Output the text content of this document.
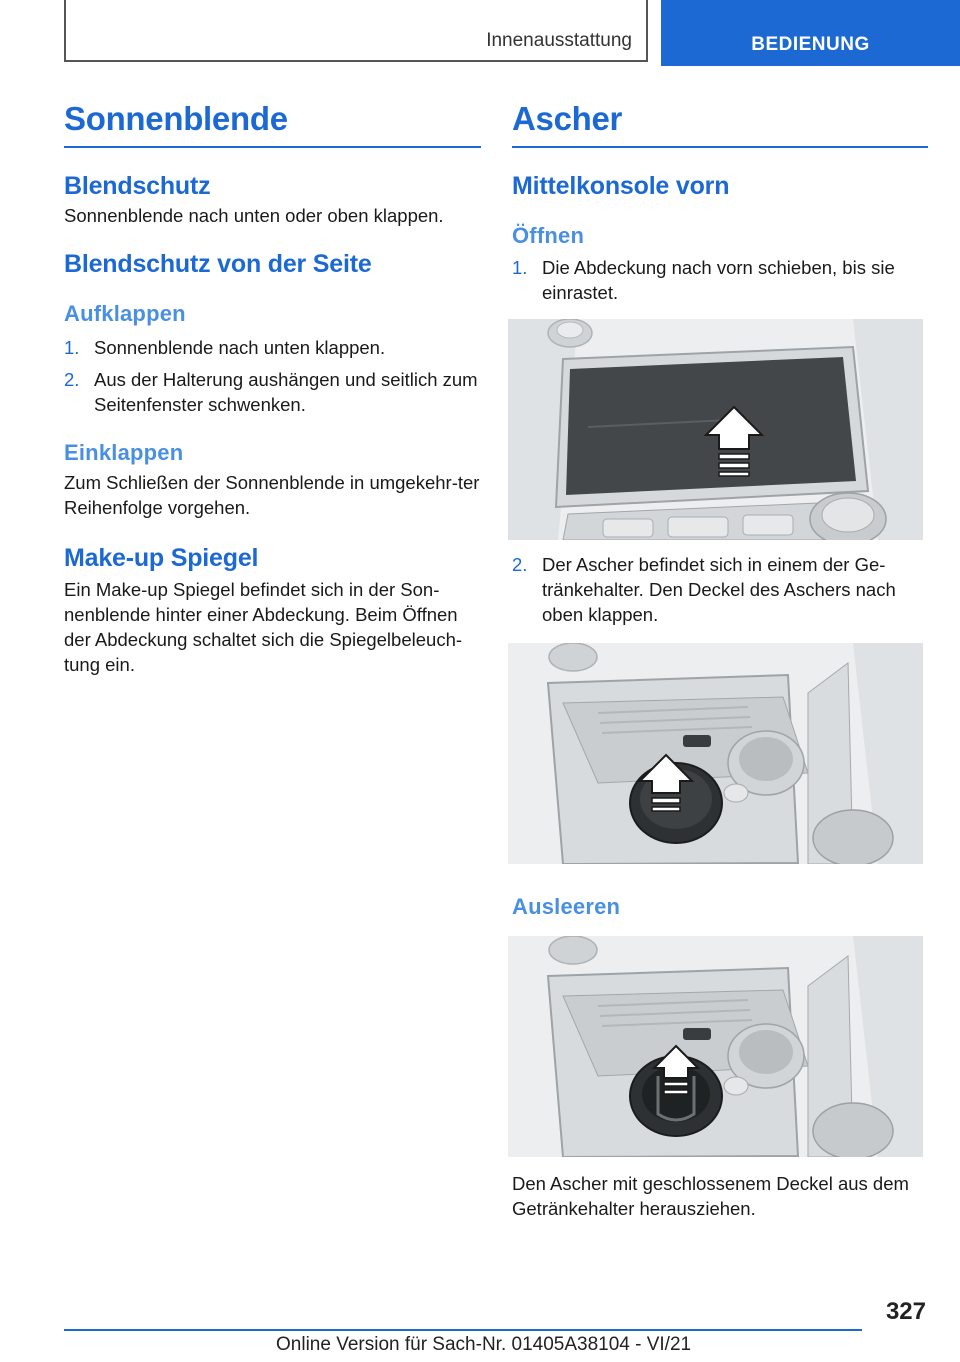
Innenausstattung	BEDIENUNG
Sonnenblende
Blendschutz

Sonnenblende nach unten oder oben klappen.

Blendschutz von der Seite
Aufklappen
1. Sonnenblende nach unten klappen.
2. Aus der Halterung aushängen und seitlich zum Seitenfenster schwenken.
Einklappen

Zum Schließen der Sonnenblende in umgekehr‐ter Reihenfolge vorgehen.

Make-up Spiegel

Ein Make-up Spiegel befindet sich in der Son‐nenblende hinter einer Abdeckung. Beim Öffnen der Abdeckung schaltet sich die Spiegelbeleuch‐tung ein.

Ascher
Mittelkonsole vorn
Öffnen
1. Die Abdeckung nach vorn schieben, bis sie einrastet.
2. Der Ascher befindet sich in einem der Ge‐tränkehalter. Den Deckel des Aschers nach oben klappen.
Ausleeren

Den Ascher mit geschlossenem Deckel aus dem Getränkehalter herausziehen.

327
Online Version für Sach-Nr. 01405A38104 - VI/21
